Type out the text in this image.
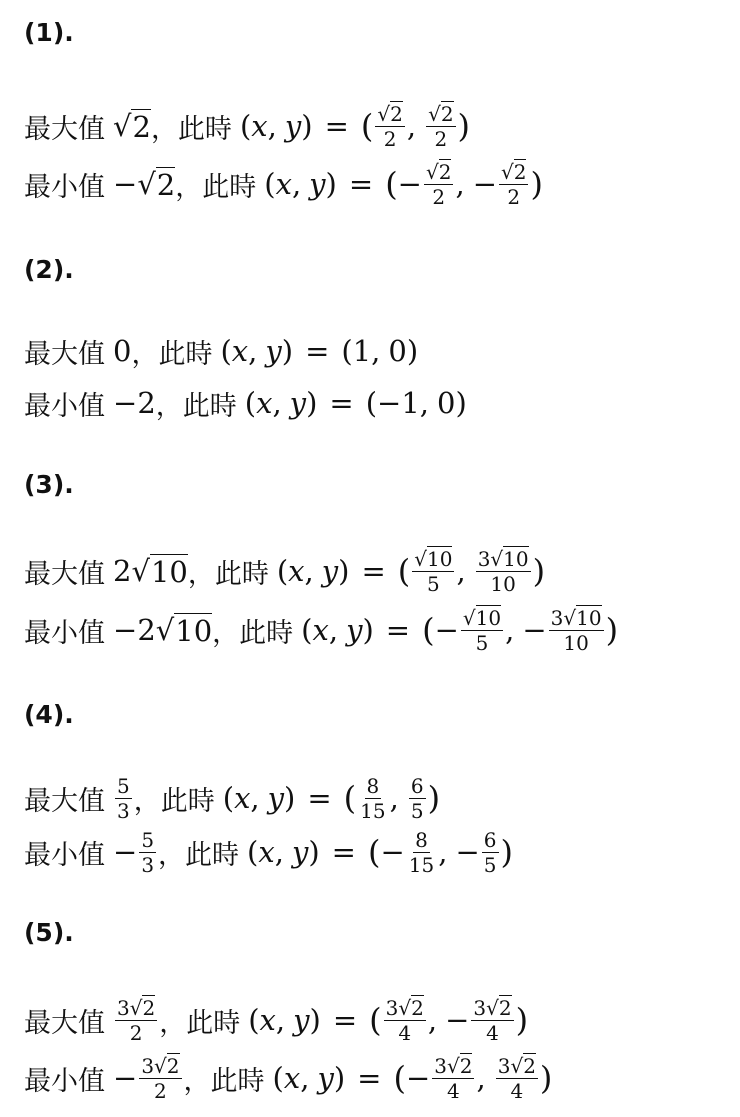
(1).
最大值 √ 2 ，此時 ( x , y ) = ( $\frac{√2}{2}$ , $\frac{√2}{2}$ )
最小值 − √ 2 ，此時 ( x , y ) = ( − $\frac{√2}{2}$ , − $\frac{√2}{2}$ )
(2).
最大值 0 ，此時 ( x , y ) = ( 1 , 0 )
最小值 − 2 ，此時 ( x , y ) = ( − 1 , 0 )
(3).
最大值 2 √ 10 ，此時 ( x , y ) = ( $\frac{√10}{5}$ , $\frac{3√10}{10}$ )
最小值 − 2 √ 10 ，此時 ( x , y ) = ( − $\frac{√10}{5}$ , − $\frac{3√10}{10}$ )
(4).
最大值 $\frac{5}{3}$ ，此時 ( x , y ) = ( $\frac{8}{15}$ , $\frac{6}{5}$ )
最小值 − $\frac{5}{3}$ ，此時 ( x , y ) = ( − $\frac{8}{15}$ , − $\frac{6}{5}$ )
(5).
最大值 $\frac{3√2}{2}$ ，此時 ( x , y ) = ( $\frac{3√2}{4}$ , − $\frac{3√2}{4}$ )
最小值 − $\frac{3√2}{2}$ ，此時 ( x , y ) = ( − $\frac{3√2}{4}$ , $\frac{3√2}{4}$ )
